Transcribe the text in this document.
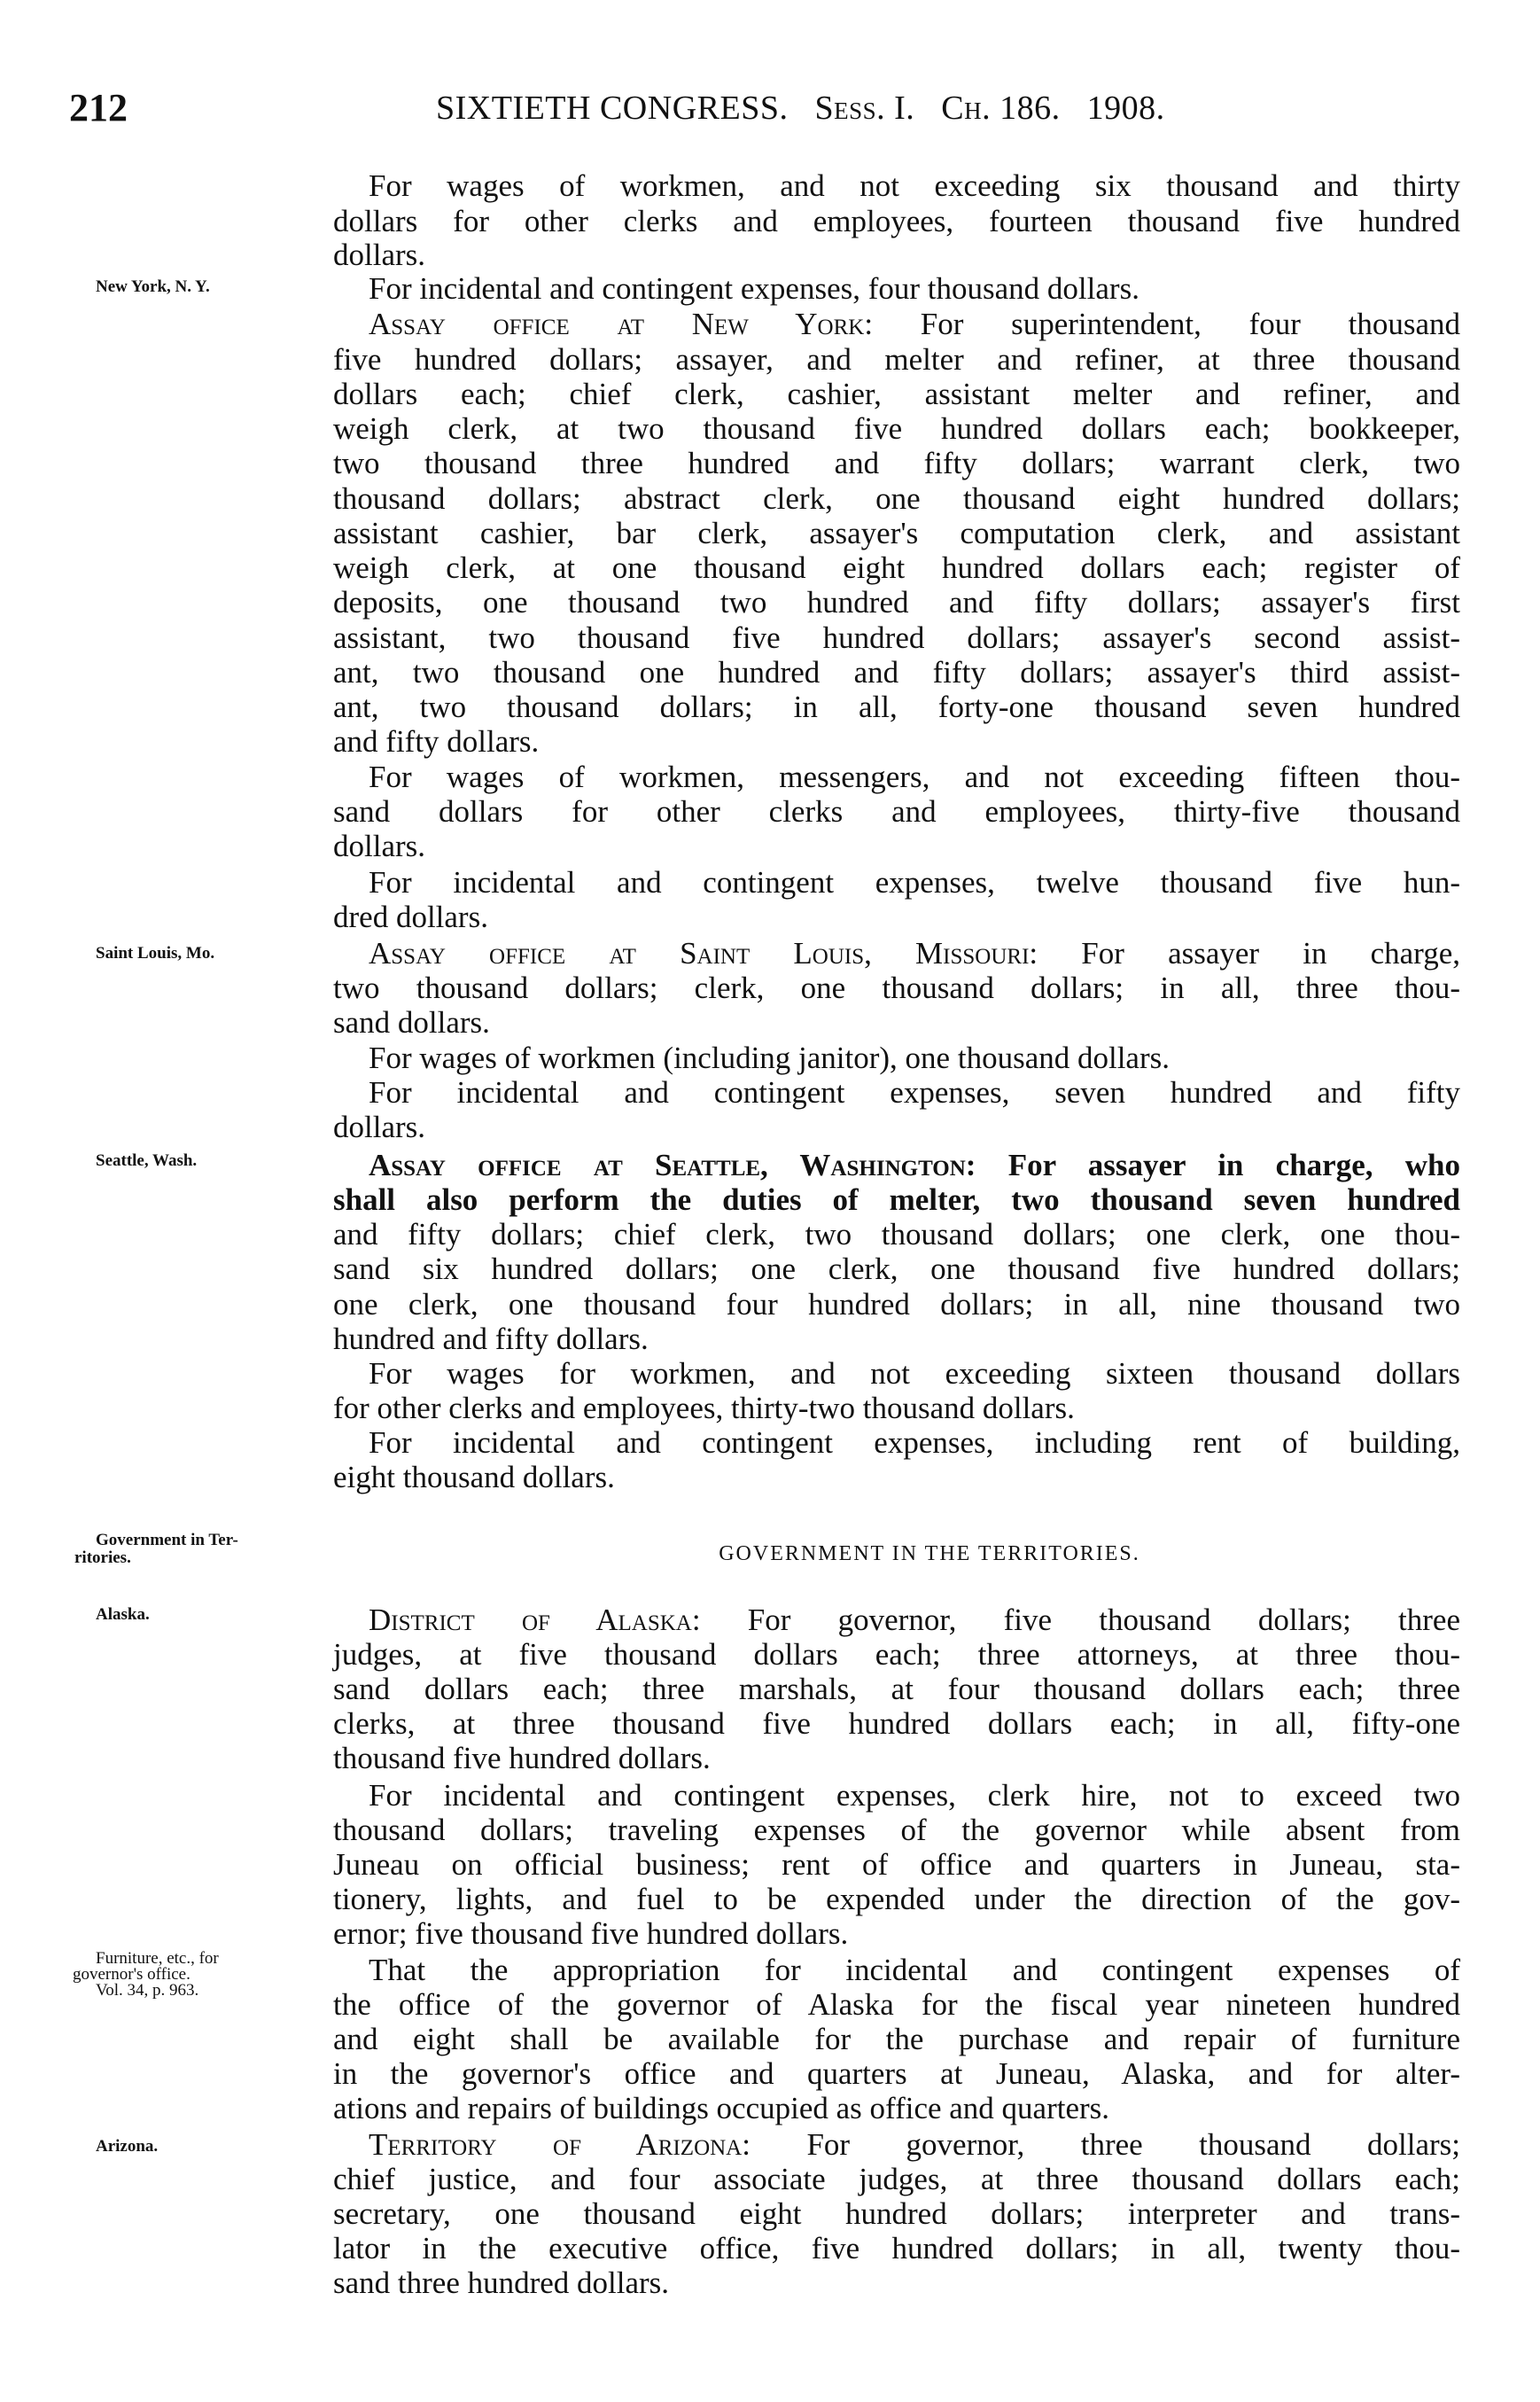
212	SIXTIETH CONGRESS. Sess. I. Ch. 186. 1908.
New York, N. Y.
Saint Louis, Mo.
Seattle, Wash.
Government in Ter-
ritories.
Alaska.
Furniture, etc., for
governor's office.
Vol. 34, p. 963.
Arizona.
GOVERNMENT IN THE TERRITORIES.
For wages of workmen, and not exceeding six thousand and thirty
dollars for other clerks and employees, fourteen thousand five hundred
dollars.
For incidental and contingent expenses, four thousand dollars.
Assay office at New York: For superintendent, four thousand
five hundred dollars; assayer, and melter and refiner, at three thousand
dollars each; chief clerk, cashier, assistant melter and refiner, and
weigh clerk, at two thousand five hundred dollars each; bookkeeper,
two thousand three hundred and fifty dollars; warrant clerk, two
thousand dollars; abstract clerk, one thousand eight hundred dollars;
assistant cashier, bar clerk, assayer's computation clerk, and assistant
weigh clerk, at one thousand eight hundred dollars each; register of
deposits, one thousand two hundred and fifty dollars; assayer's first
assistant, two thousand five hundred dollars; assayer's second assist-
ant, two thousand one hundred and fifty dollars; assayer's third assist-
ant, two thousand dollars; in all, forty-one thousand seven hundred
and fifty dollars.
For wages of workmen, messengers, and not exceeding fifteen thou-
sand dollars for other clerks and employees, thirty-five thousand
dollars.
For incidental and contingent expenses, twelve thousand five hun-
dred dollars.
Assay office at Saint Louis, Missouri: For assayer in charge,
two thousand dollars; clerk, one thousand dollars; in all, three thou-
sand dollars.
For wages of workmen (including janitor), one thousand dollars.
For incidental and contingent expenses, seven hundred and fifty
dollars.
Assay office at Seattle, Washington: For assayer in charge, who
shall also perform the duties of melter, two thousand seven hundred
and fifty dollars; chief clerk, two thousand dollars; one clerk, one thou-
sand six hundred dollars; one clerk, one thousand five hundred dollars;
one clerk, one thousand four hundred dollars; in all, nine thousand two
hundred and fifty dollars.
For wages for workmen, and not exceeding sixteen thousand dollars
for other clerks and employees, thirty-two thousand dollars.
For incidental and contingent expenses, including rent of building,
eight thousand dollars.
District of Alaska: For governor, five thousand dollars; three
judges, at five thousand dollars each; three attorneys, at three thou-
sand dollars each; three marshals, at four thousand dollars each; three
clerks, at three thousand five hundred dollars each; in all, fifty-one
thousand five hundred dollars.
For incidental and contingent expenses, clerk hire, not to exceed two
thousand dollars; traveling expenses of the governor while absent from
Juneau on official business; rent of office and quarters in Juneau, sta-
tionery, lights, and fuel to be expended under the direction of the gov-
ernor; five thousand five hundred dollars.
That the appropriation for incidental and contingent expenses of
the office of the governor of Alaska for the fiscal year nineteen hundred
and eight shall be available for the purchase and repair of furniture
in the governor's office and quarters at Juneau, Alaska, and for alter-
ations and repairs of buildings occupied as office and quarters.
Territory of Arizona: For governor, three thousand dollars;
chief justice, and four associate judges, at three thousand dollars each;
secretary, one thousand eight hundred dollars; interpreter and trans-
lator in the executive office, five hundred dollars; in all, twenty thou-
sand three hundred dollars.
